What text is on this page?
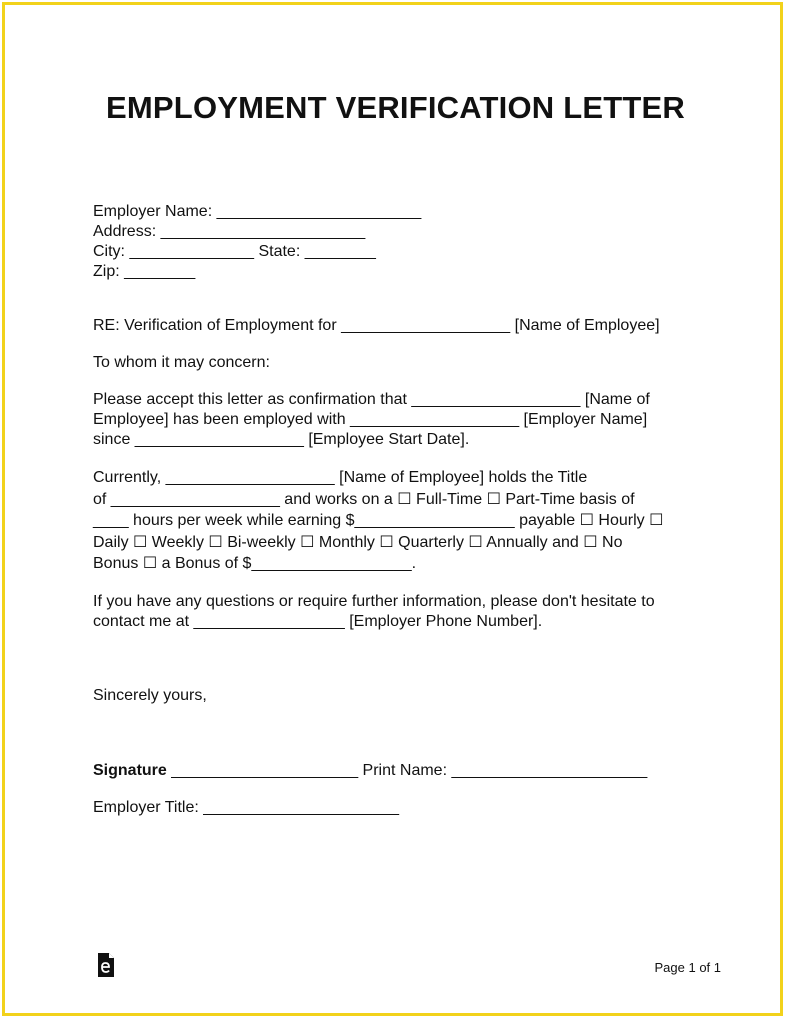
EMPLOYMENT VERIFICATION LETTER
Employer Name: _______________________
Address: _______________________
City: ______________ State: ________
Zip: ________
RE: Verification of Employment for ___________________ [Name of Employee]
To whom it may concern:
Please accept this letter as confirmation that ___________________ [Name of
Employee] has been employed with ___________________ [Employer Name]
since ___________________ [Employee Start Date].
Currently, ___________________ [Name of Employee] holds the Title
of ___________________ and works on a ☐ Full-Time ☐ Part-Time basis of
____ hours per week while earning $__________________ payable ☐ Hourly ☐
Daily ☐ Weekly ☐ Bi-weekly ☐ Monthly ☐ Quarterly ☐ Annually and ☐ No
Bonus ☐ a Bonus of $__________________.
If you have any questions or require further information, please don't hesitate to
contact me at _________________ [Employer Phone Number].
Sincerely yours,
Signature _____________________ Print Name: ______________________
Employer Title: ______________________
Page 1 of 1
